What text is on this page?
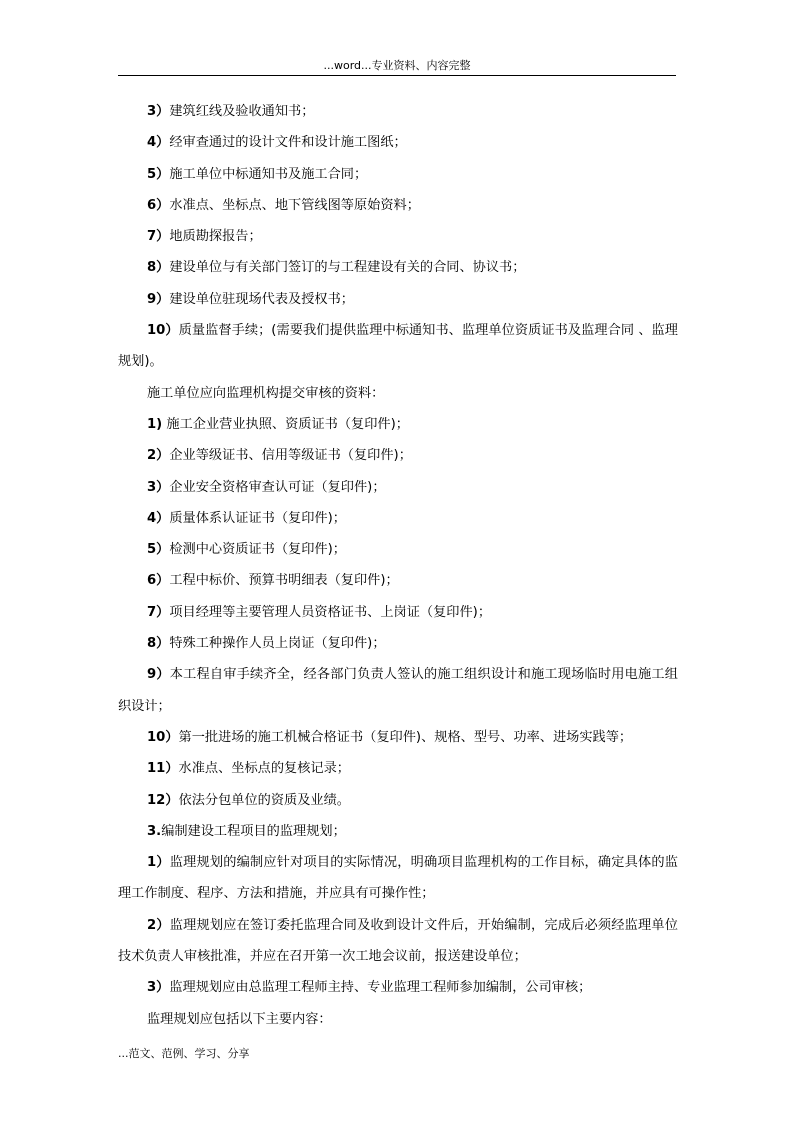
...word...专业资料、内容完整

3）建筑红线及验收通知书；

4）经审查通过的设计文件和设计施工图纸；

5）施工单位中标通知书及施工合同；

6）水准点、坐标点、地下管线图等原始资料；

7）地质勘探报告；

8）建设单位与有关部门签订的与工程建设有关的合同、协议书；

9）建设单位驻现场代表及授权书；

10）质量监督手续；(需要我们提供监理中标通知书、监理单位资质证书及监理合同 、监理规划)。

施工单位应向监理机构提交审核的资料：

1) 施工企业营业执照、资质证书（复印件)；

2）企业等级证书、信用等级证书（复印件)；

3）企业安全资格审查认可证（复印件)；

4）质量体系认证证书（复印件)；

5）检测中心资质证书（复印件)；

6）工程中标价、预算书明细表（复印件)；

7）项目经理等主要管理人员资格证书、上岗证（复印件)；

8）特殊工种操作人员上岗证（复印件)；

9）本工程自审手续齐全，经各部门负责人签认的施工组织设计和施工现场临时用电施工组织设计；

10）第一批进场的施工机械合格证书（复印件)、规格、型号、功率、进场实践等；

11）水准点、坐标点的复核记录；

12）依法分包单位的资质及业绩。

3.编制建设工程项目的监理规划；

1）监理规划的编制应针对项目的实际情况，明确项目监理机构的工作目标，确定具体的监理工作制度、程序、方法和措施，并应具有可操作性；

2）监理规划应在签订委托监理合同及收到设计文件后，开始编制，完成后必须经监理单位技术负责人审核批准，并应在召开第一次工地会议前，报送建设单位；

3）监理规划应由总监理工程师主持、专业监理工程师参加编制，公司审核；

监理规划应包括以下主要内容：

...范文、范例、学习、分享
